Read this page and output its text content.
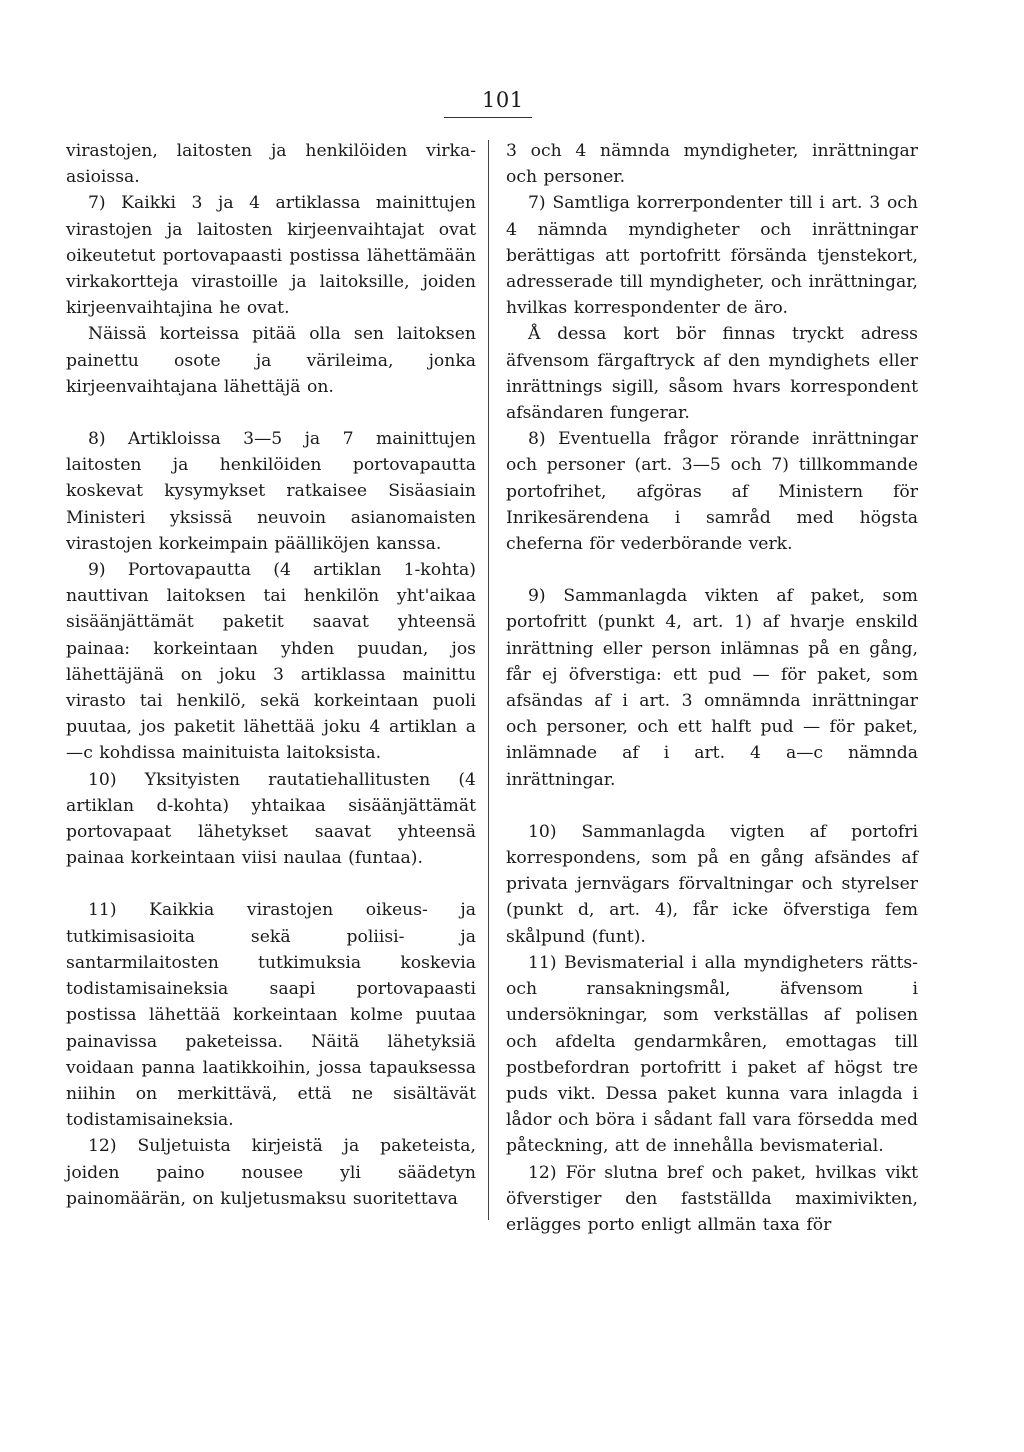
101

virastojen, laitosten ja henkilöiden virka-asioissa.

7) Kaikki 3 ja 4 artiklassa mainittujen virastojen ja laitosten kirjeenvaihtajat ovat oikeutetut portovapaasti postissa lähettämään virkakortteja virastoille ja laitoksille, joiden kirjeenvaihtajina he ovat.

Näissä korteissa pitää olla sen laitoksen painettu osote ja värileima, jonka kirjeenvaihtajana lähettäjä on.

8) Artikloissa 3—5 ja 7 mainittujen laitosten ja henkilöiden portovapautta koskevat kysymykset ratkaisee Sisäasiain Ministeri yksissä neuvoin asianomaisten virastojen korkeimpain päälliköjen kanssa.

9) Portovapautta (4 artiklan 1-kohta) nauttivan laitoksen tai henkilön yht'aikaa sisäänjättämät paketit saavat yhteensä painaa: korkeintaan yhden puudan, jos lähettäjänä on joku 3 artiklassa mainittu virasto tai henkilö, sekä korkeintaan puoli puutaa, jos paketit lähettää joku 4 artiklan a—c kohdissa mainituista laitoksista.

10) Yksityisten rautatiehallitusten (4 artiklan d-kohta) yhtaikaa sisäänjättämät portovapaat lähetykset saavat yhteensä painaa korkeintaan viisi naulaa (funtaa).

11) Kaikkia virastojen oikeus- ja tutkimisasioita sekä poliisi- ja santarmilaitosten tutkimuksia koskevia todistamisaineksia saapi portovapaasti postissa lähettää korkeintaan kolme puutaa painavissa paketeissa. Näitä lähetyksiä voidaan panna laatikkoihin, jossa tapauksessa niihin on merkittävä, että ne sisältävät todistamisaineksia.

12) Suljetuista kirjeistä ja paketeista, joiden paino nousee yli säädetyn painomäärän, on kuljetusmaksu suoritettava

3 och 4 nämnda myndigheter, inrättningar och personer.

7) Samtliga korrerpondenter till i art. 3 och 4 nämnda myndigheter och inrättningar berättigas att portofritt försända tjenstekort, adresserade till myndigheter, och inrättningar, hvilkas korrespondenter de äro.

Å dessa kort bör finnas tryckt adress äfvensom färgaftryck af den myndighets eller inrättnings sigill, såsom hvars korrespondent afsändaren fungerar.

8) Eventuella frågor rörande inrättningar och personer (art. 3—5 och 7) tillkommande portofrihet, afgöras af Ministern för Inrikesärendena i samråd med högsta cheferna för vederbörande verk.

9) Sammanlagda vikten af paket, som portofritt (punkt 4, art. 1) af hvarje enskild inrättning eller person inlämnas på en gång, får ej öfverstiga: ett pud — för paket, som afsändas af i art. 3 omnämnda inrättningar och personer, och ett halft pud — för paket, inlämnade af i art. 4 a—c nämnda inrättningar.

10) Sammanlagda vigten af portofri korrespondens, som på en gång afsändes af privata jernvägars förvaltningar och styrelser (punkt d, art. 4), får icke öfverstiga fem skålpund (funt).

11) Bevismaterial i alla myndigheters rätts- och ransakningsmål, äfvensom i undersökningar, som verkställas af polisen och afdelta gendarmkåren, emottagas till postbefordran portofritt i paket af högst tre puds vikt. Dessa paket kunna vara inlagda i lådor och böra i sådant fall vara försedda med påteckning, att de innehålla bevismaterial.

12) För slutna bref och paket, hvilkas vikt öfverstiger den fastställda maximivikten, erlägges porto enligt allmän taxa för
